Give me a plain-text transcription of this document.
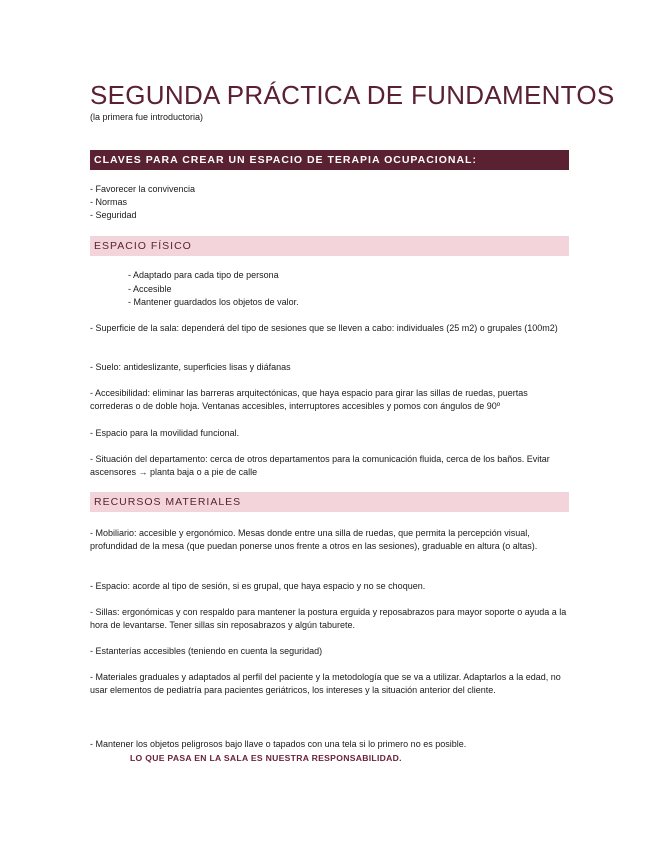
SEGUNDA PRÁCTICA DE FUNDAMENTOS
(la primera fue introductoria)
CLAVES PARA CREAR UN ESPACIO DE TERAPIA OCUPACIONAL:
- Favorecer la convivencia
- Normas
- Seguridad
ESPACIO FÍSICO
- Adaptado para cada tipo de persona
- Accesible
- Mantener guardados los objetos de valor.
- Superficie de la sala: dependerá del tipo de sesiones que se lleven a cabo: individuales (25 m2) o grupales (100m2)
- Suelo: antideslizante, superficies lisas y diáfanas
- Accesibilidad: eliminar las barreras arquitectónicas, que haya espacio para girar las sillas de ruedas, puertas correderas o de doble hoja. Ventanas accesibles, interruptores accesibles y pomos con ángulos de 90º
- Espacio para la movilidad funcional.
- Situación del departamento: cerca de otros departamentos para la comunicación fluida, cerca de los baños. Evitar ascensores → planta baja o a pie de calle
RECURSOS MATERIALES
- Mobiliario: accesible y ergonómico. Mesas donde entre una silla de ruedas, que permita la percepción visual, profundidad de la mesa (que puedan ponerse unos frente a otros en las sesiones), graduable en altura (o altas).
- Espacio: acorde al tipo de sesión, si es grupal, que haya espacio y no se choquen.
- Sillas: ergonómicas y con respaldo para mantener la postura erguida y reposabrazos para mayor soporte o ayuda a la hora de levantarse. Tener sillas sin reposabrazos y algún taburete.
- Estanterías accesibles (teniendo en cuenta la seguridad)
- Materiales graduales y adaptados al perfil del paciente y la metodología que se va a utilizar. Adaptarlos a la edad, no usar elementos de pediatría para pacientes geriátricos, los intereses y la situación anterior del cliente.
- Mantener los objetos peligrosos bajo llave o tapados con una tela si lo primero no es posible.
LO QUE PASA EN LA SALA ES NUESTRA RESPONSABILIDAD.
